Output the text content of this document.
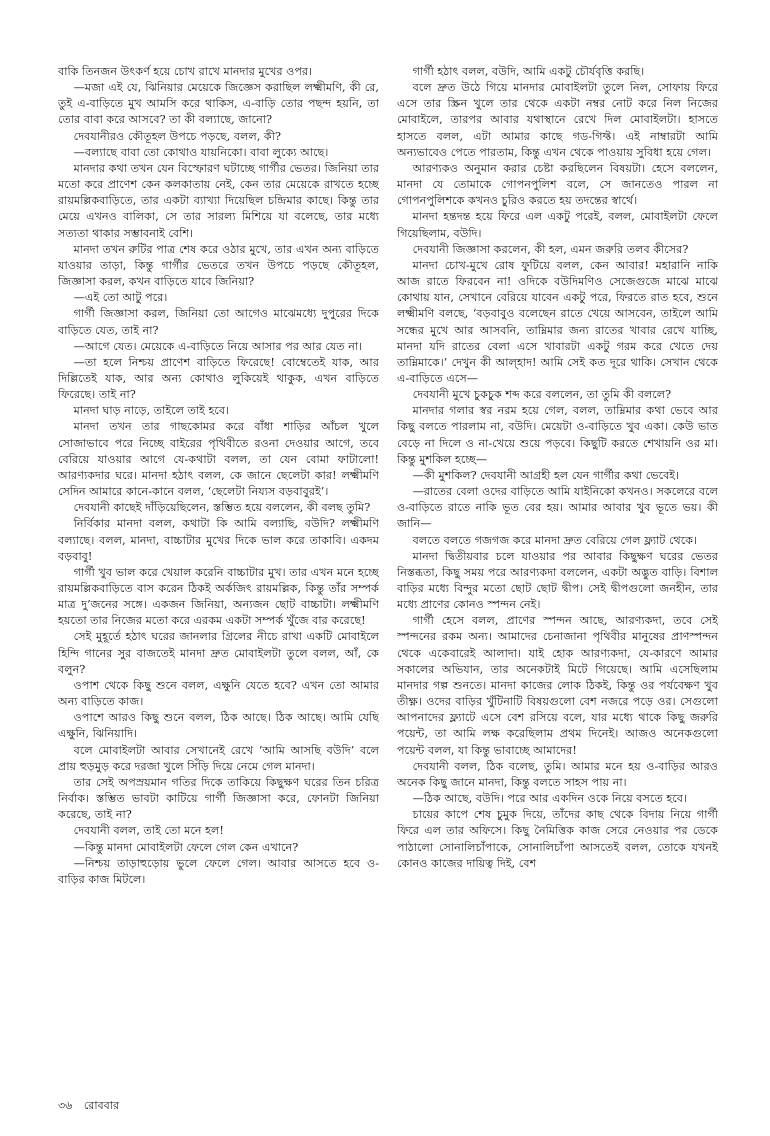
বাকি তিনজন উৎকর্ণ হয়ে চোখ রাখে মানদার মুখের ওপর।

—মজা এই যে, ঝিনিয়ার মেয়েকে জিজ্ঞেস করাছিল লক্ষ্মীমণি, কী রে, তুই এ-বাড়িতে মুখ আমসি করে থাকিস, এ-বাড়ি তোর পছন্দ হয়নি, তা তোর বাবা করে আসবে? তা কী বল্যাছে, জানো?

দেবযানীরও কৌতূহল উপচে পড়ছে, বলল, কী?

—বল্যাছে বাবা তো কোথাও যায়নিকো। বাবা লুক্যে আছে।

মানদার কথা তখন যেন বিস্ফোরণ ঘটাচ্ছে গার্গীর ভেতর। জিনিয়া তার মতো করে প্রাণেশ কেন কলকাতায় নেই, কেন তার মেয়েকে রাখতে হচ্ছে রায়মল্লিকবাড়িতে, তার একটা ব্যাখ্যা দিয়েছিল চন্দ্রিমার কাছে। কিন্তু তার মেয়ে এখনও বালিকা, সে তার সারল্য মিশিয়ে যা বলেছে, তার মধ্যে সত্যতা থাকার সম্ভাবনাই বেশি।

মানদা তখন রুটির পাত্র শেষ করে ওঠার মুখে, তার এখন অন্য বাড়িতে যাওয়ার তাড়া, কিন্তু গার্গীর ভেতরে তখন উপচে পড়ছে কৌতূহল, জিজ্ঞাসা করল, কখন বাড়িতে যাবে জিনিয়া?

—এই তো আটু পরে।

গার্গী জিজ্ঞাসা করল, জিনিয়া তো আগেও মাঝেমধ্যে দুপুরের দিকে বাড়িতে যেত, তাই না?

—আগে যেত। মেয়েকে এ-বাড়িতে নিয়ে আসার পর আর যেত না।

—তা হলে নিশ্চয় প্রাণেশ বাড়িতে ফিরেছে! বোম্বেতেই যাক, আর দিল্লিতেই যাক, আর অন্য কোথাও লুকিয়েই থাকুক, এখন বাড়িতে ফিরেছে। তাই না?

মানদা ঘাড় নাড়ে, তাইলে তাই হবে।

মানদা তখন তার গাছকোমর করে বাঁধা শাড়ির আঁচল খুলে সোজাভাবে পরে নিচ্ছে বাইরের পৃথিবীতে রওনা দেওয়ার আগে, তবে বেরিয়ে যাওয়ার আগে যে-কথাটা বলল, তা যেন বোমা ফাটালো! আরণ্যকদার ঘরে। মানদা হঠাৎ বলল, কে জানে ছেলেটা কার! লক্ষ্মীমণি সেদিন আমারে কানে-কানে বলল, ‘ছেলেটা নিয্যস বড়বাবুরই’।

দেবযানী কাছেই দাঁড়িয়েছিলেন, স্তম্ভিত হয়ে বললেন, কী বলছ তুমি?

নির্বিকার মানদা বলল, কথাটা কি আমি বল্যাছি, বউদি? লক্ষ্মীমণি বল্যাছে। বলল, মানদা, বাচ্চাটার মুখের দিকে ভাল করে তাকাবি। একদম বড়বাবু!

গার্গী খুব ভাল করে খেয়াল করেনি বাচ্চাটার মুখ। তার এখন মনে হচ্ছে রায়মল্লিকবাড়িতে বাস করেন ঠিকই অর্কজিৎ রায়মল্লিক, কিন্তু তাঁর সম্পর্ক মাত্র দু’জনের সঙ্গে। একজন জিনিয়া, অন্যজন ছোট বাচ্চাটা। লক্ষ্মীমণি হয়তো তার নিজের মতো করে এরকম একটা সম্পর্ক খুঁজে বার করেছে!

সেই মুহূর্তে হঠাৎ ঘরের জানলার গ্রিলের নীচে রাখা একটি মোবাইলে হিন্দি গানের সুর বাজতেই মানদা দ্রুত মোবাইলটা তুলে বলল, আঁ, কে বলুন?

ওপাশ থেকে কিছু শুনে বলল, এক্ষুনি যেতে হবে? এখন তো আমার অন্য বাড়িতে কাজ।

ওপাশে আরও কিছু শুনে বলল, ঠিক আছে। ঠিক আছে। আমি যেছি এক্ষুনি, ঝিনিয়াদি।

বলে মোবাইলটা আবার সেখানেই রেখে ‘আমি আসছি বউদি’ বলে প্রায় হুড়মুড় করে দরজা খুলে সিঁড়ি দিয়ে নেমে গেল মানদা।

তার সেই অপস্রয়মান গতির দিকে তাকিয়ে কিছুক্ষণ ঘরের তিন চরিত্র নির্বাক। স্তম্ভিত ভাবটা কাটিয়ে গার্গী জিজ্ঞাসা করে, ফোনটা জিনিয়া করেছে, তাই না?

দেবযানী বলল, তাই তো মনে হল!

—কিন্তু মানদা মোবাইলটা ফেলে গেল কেন এখানে?

—নিশ্চয় তাড়াহুড়োয় ভুলে ফেলে গেল। আবার আসতে হবে ও-বাড়ির কাজ মিটলে।

গার্গী হঠাৎ বলল, বউদি, আমি একটু চৌর্যবৃত্তি করছি।

বলে দ্রুত উঠে গিয়ে মানদার মোবাইলটা তুলে নিল, সোফায় ফিরে এসে তার স্ক্রিন খুলে তার থেকে একটা নম্বর নোট করে নিল নিজের মোবাইলে, তারপর আবার যথাস্থানে রেখে দিল মোবাইলটা। হাসতে হাসতে বলল, এটা আমার কাছে গড-গিফ্ট। এই নাম্বারটা আমি অন্যভাবেও পেতে পারতাম, কিন্তু এখন থেকে পাওয়ায় সুবিধা হয়ে গেল।

আরণ্যকও অনুমান করার চেষ্টা করছিলেন বিষয়টা। হেসে বললেন, মানদা যে তোমাকে গোপনপুলিশ বলে, সে জানতেও পারল না গোপনপুলিশকে কখনও চুরিও করতে হয় তদন্তের স্বার্থে।

মানদা হন্তদন্ত হয়ে ফিরে এল একটু পরেই, বলল, মোবাইলটা ফেলে গিয়েছিলাম, বউদি।

দেবযানী জিজ্ঞাসা করলেন, কী হল, এমন জরুরি তলব কীসের?

মানদা চোখ-মুখে রোষ ফুটিয়ে বলল, কেন আবার! মহারানি নাকি আজ রাতে ফিরবেন না! ওদিকে বউদিমণিও সেজেগুজে মাঝে মাঝে কোথায় যান, সেখানে বেরিয়ে যাবেন একটু পরে, ফিরতে রাত হবে, শুনে লক্ষ্মীমণি বলছে, ‘বড়বাবুও বলেছেন রাতে খেয়ে আসবেন, তাইলে আমি সন্ধের মুখে আর আসবনি, তাম্নিমার জন্য রাতের খাবার রেখে যাচ্ছি, মানদা যদি রাতের বেলা এসে খাবারটা একটু গরম করে খেতে দেয় তাম্নিমাকে।’ দেখুন কী আল্হাদ! আমি সেই কত দূরে থাকি। সেখান থেকে এ-বাড়িতে এসে—

দেবযানী মুখে চুকচুক শব্দ করে বললেন, তা তুমি কী বললে?

মানদার গলার স্বর নরম হয়ে গেল, বলল, তাম্নিমার কথা ভেবে আর কিছু বলতে পারলাম না, বউদি। মেয়েটা ও-বাড়িতে খুব একা। কেউ ভাত বেড়ে না দিলে ও না-খেয়ে শুয়ে পড়বে। কিছুটি করতে শেখায়নি ওর মা। কিন্তু মুশকিল হচ্ছে—

—কী মুশকিল? দেবযানী আগ্রহী হল যেন গার্গীর কথা ভেবেই।

—রাতের বেলা ওদের বাড়িতে আমি যাইনিকো কখনও। সকলেরে বলে ও-বাড়িতে রাতে নাকি ভূত বের হয়। আমার আবার খুব ভূতে ভয়। কী জানি—

বলতে বলতে গজগজ করে মানদা দ্রুত বেরিয়ে গেল ফ্ল্যাট থেকে।

মানদা দ্বিতীয়বার চলে যাওয়ার পর আবার কিছুক্ষণ ঘরের ভেতর নিস্তব্ধতা, কিছু সময় পরে আরণ্যকদা বললেন, একটা অদ্ভুত বাড়ি। বিশাল বাড়ির মধ্যে বিন্দুর মতো ছোট ছোট দ্বীপ। সেই দ্বীপগুলো জনহীন, তার মধ্যে প্রাণের কোনও স্পন্দন নেই।

গার্গী হেসে বলল, প্রাণের স্পন্দন আছে, আরণ্যকদা, তবে সেই স্পন্দনের রকম অন্য। আমাদের চেনাজানা পৃথিবীর মানুষের প্রাণস্পন্দন থেকে একেবারেই আলাদা। যাই হোক আরণ্যকদা, যে-কারণে আমার সকালের অভিযান, তার অনেকটাই মিটে গিয়েছে। আমি এসেছিলাম মানদার গল্প শুনতে। মানদা কাজের লোক ঠিকই, কিন্তু ওর পর্যবেক্ষণ খুব তীক্ষ্ণ। ওদের বাড়ির খুঁটিনাটি বিষয়গুলো বেশ নজরে পড়ে ওর। সেগুলো আপনাদের ফ্ল্যাটে এসে বেশ রসিয়ে বলে, যার মধ্যে থাকে কিছু জরুরি পয়েন্ট, তা আমি লক্ষ করেছিলাম প্রথম দিনেই। আজও অনেকগুলো পয়েন্ট বলল, যা কিন্তু ভাবাচ্ছে আমাদের!

দেবযানী বলল, ঠিক বলেছ, তুমি। আমার মনে হয় ও-বাড়ির আরও অনেক কিছু জানে মানদা, কিন্তু বলতে সাহস পায় না।

—ঠিক আছে, বউদি। পরে আর একদিন ওকে নিয়ে বসতে হবে।

চায়ের কাপে শেষ চুমুক দিয়ে, তাঁদের কাছ থেকে বিদায় নিয়ে গার্গী ফিরে এল তার অফিসে। কিছু নৈমিত্তিক কাজ সেরে নেওয়ার পর ডেকে পাঠালো সোনালিচাঁপাকে, সোনালিচাঁপা আসতেই বলল, তোকে যখনই কোনও কাজের দায়িত্ব দিই, বেশ

৩৬ রোববার
